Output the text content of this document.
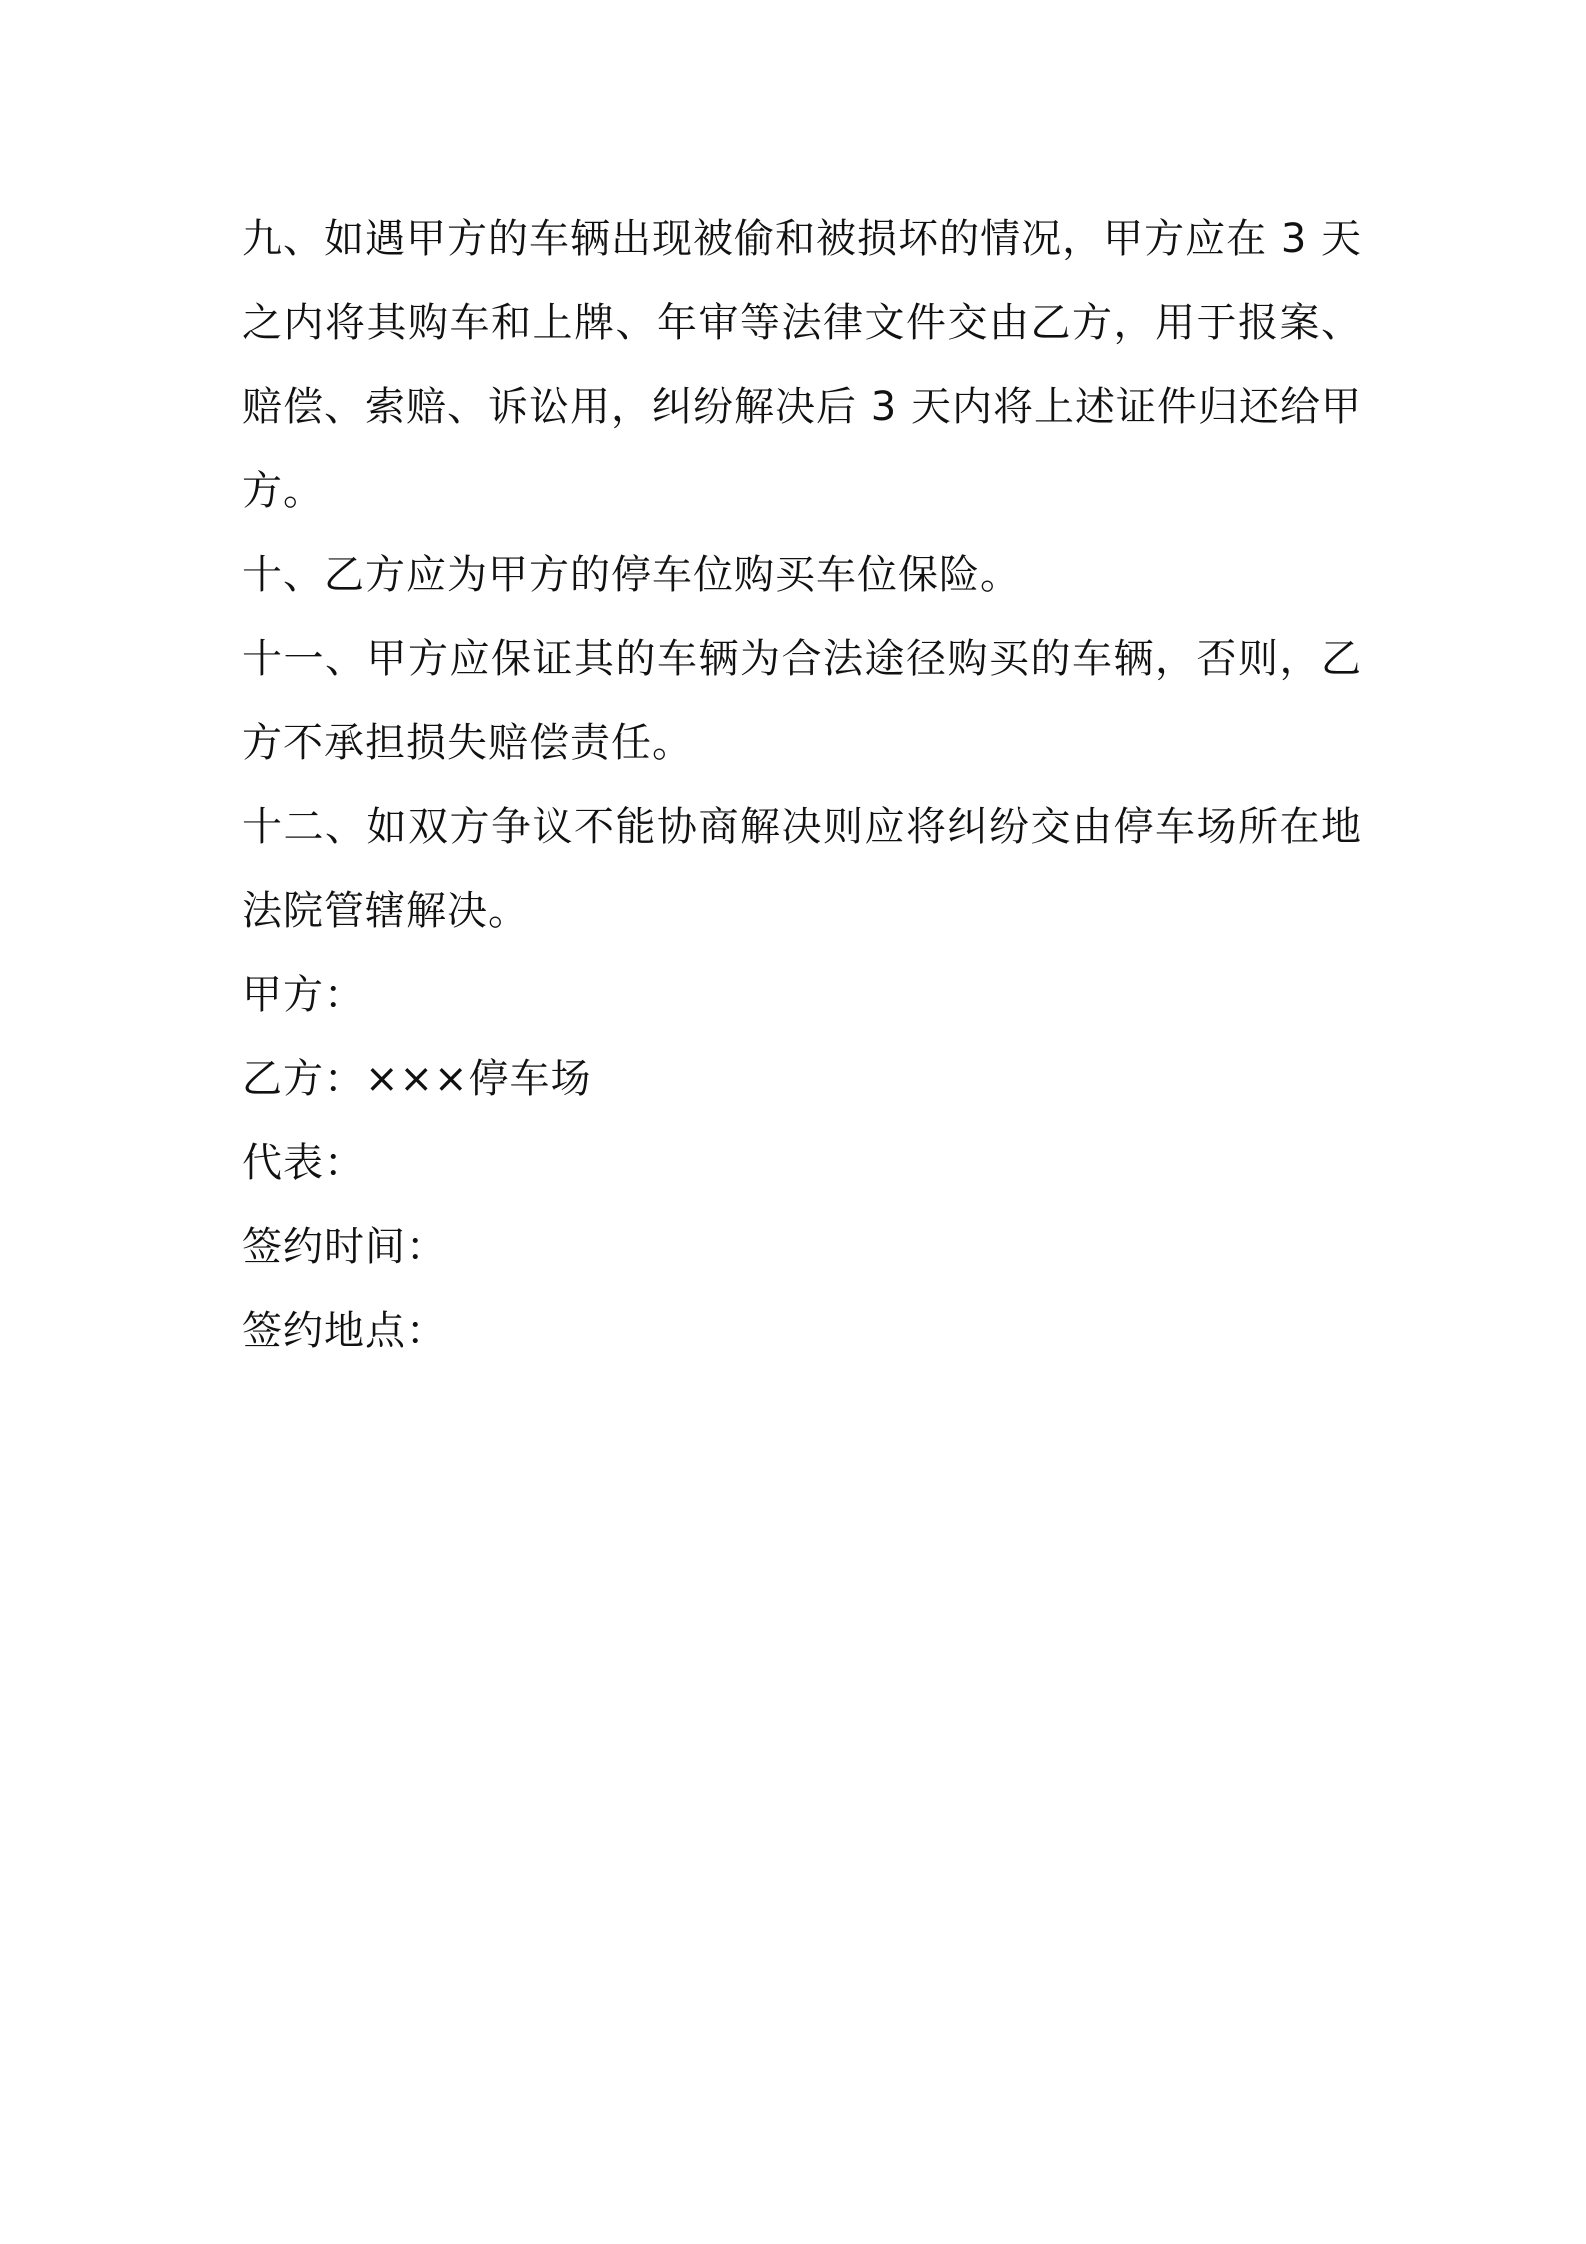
九、如遇甲方的车辆出现被偷和被损坏的情况，甲方应在 3 天之内将其购车和上牌、年审等法律文件交由乙方，用于报案、赔偿、索赔、诉讼用，纠纷解决后 3 天内将上述证件归还给甲方。

十、乙方应为甲方的停车位购买车位保险。

十一、甲方应保证其的车辆为合法途径购买的车辆，否则，乙方不承担损失赔偿责任。

十二、如双方争议不能协商解决则应将纠纷交由停车场所在地法院管辖解决。

甲方：

乙方：×××停车场

代表：

签约时间：

签约地点：
